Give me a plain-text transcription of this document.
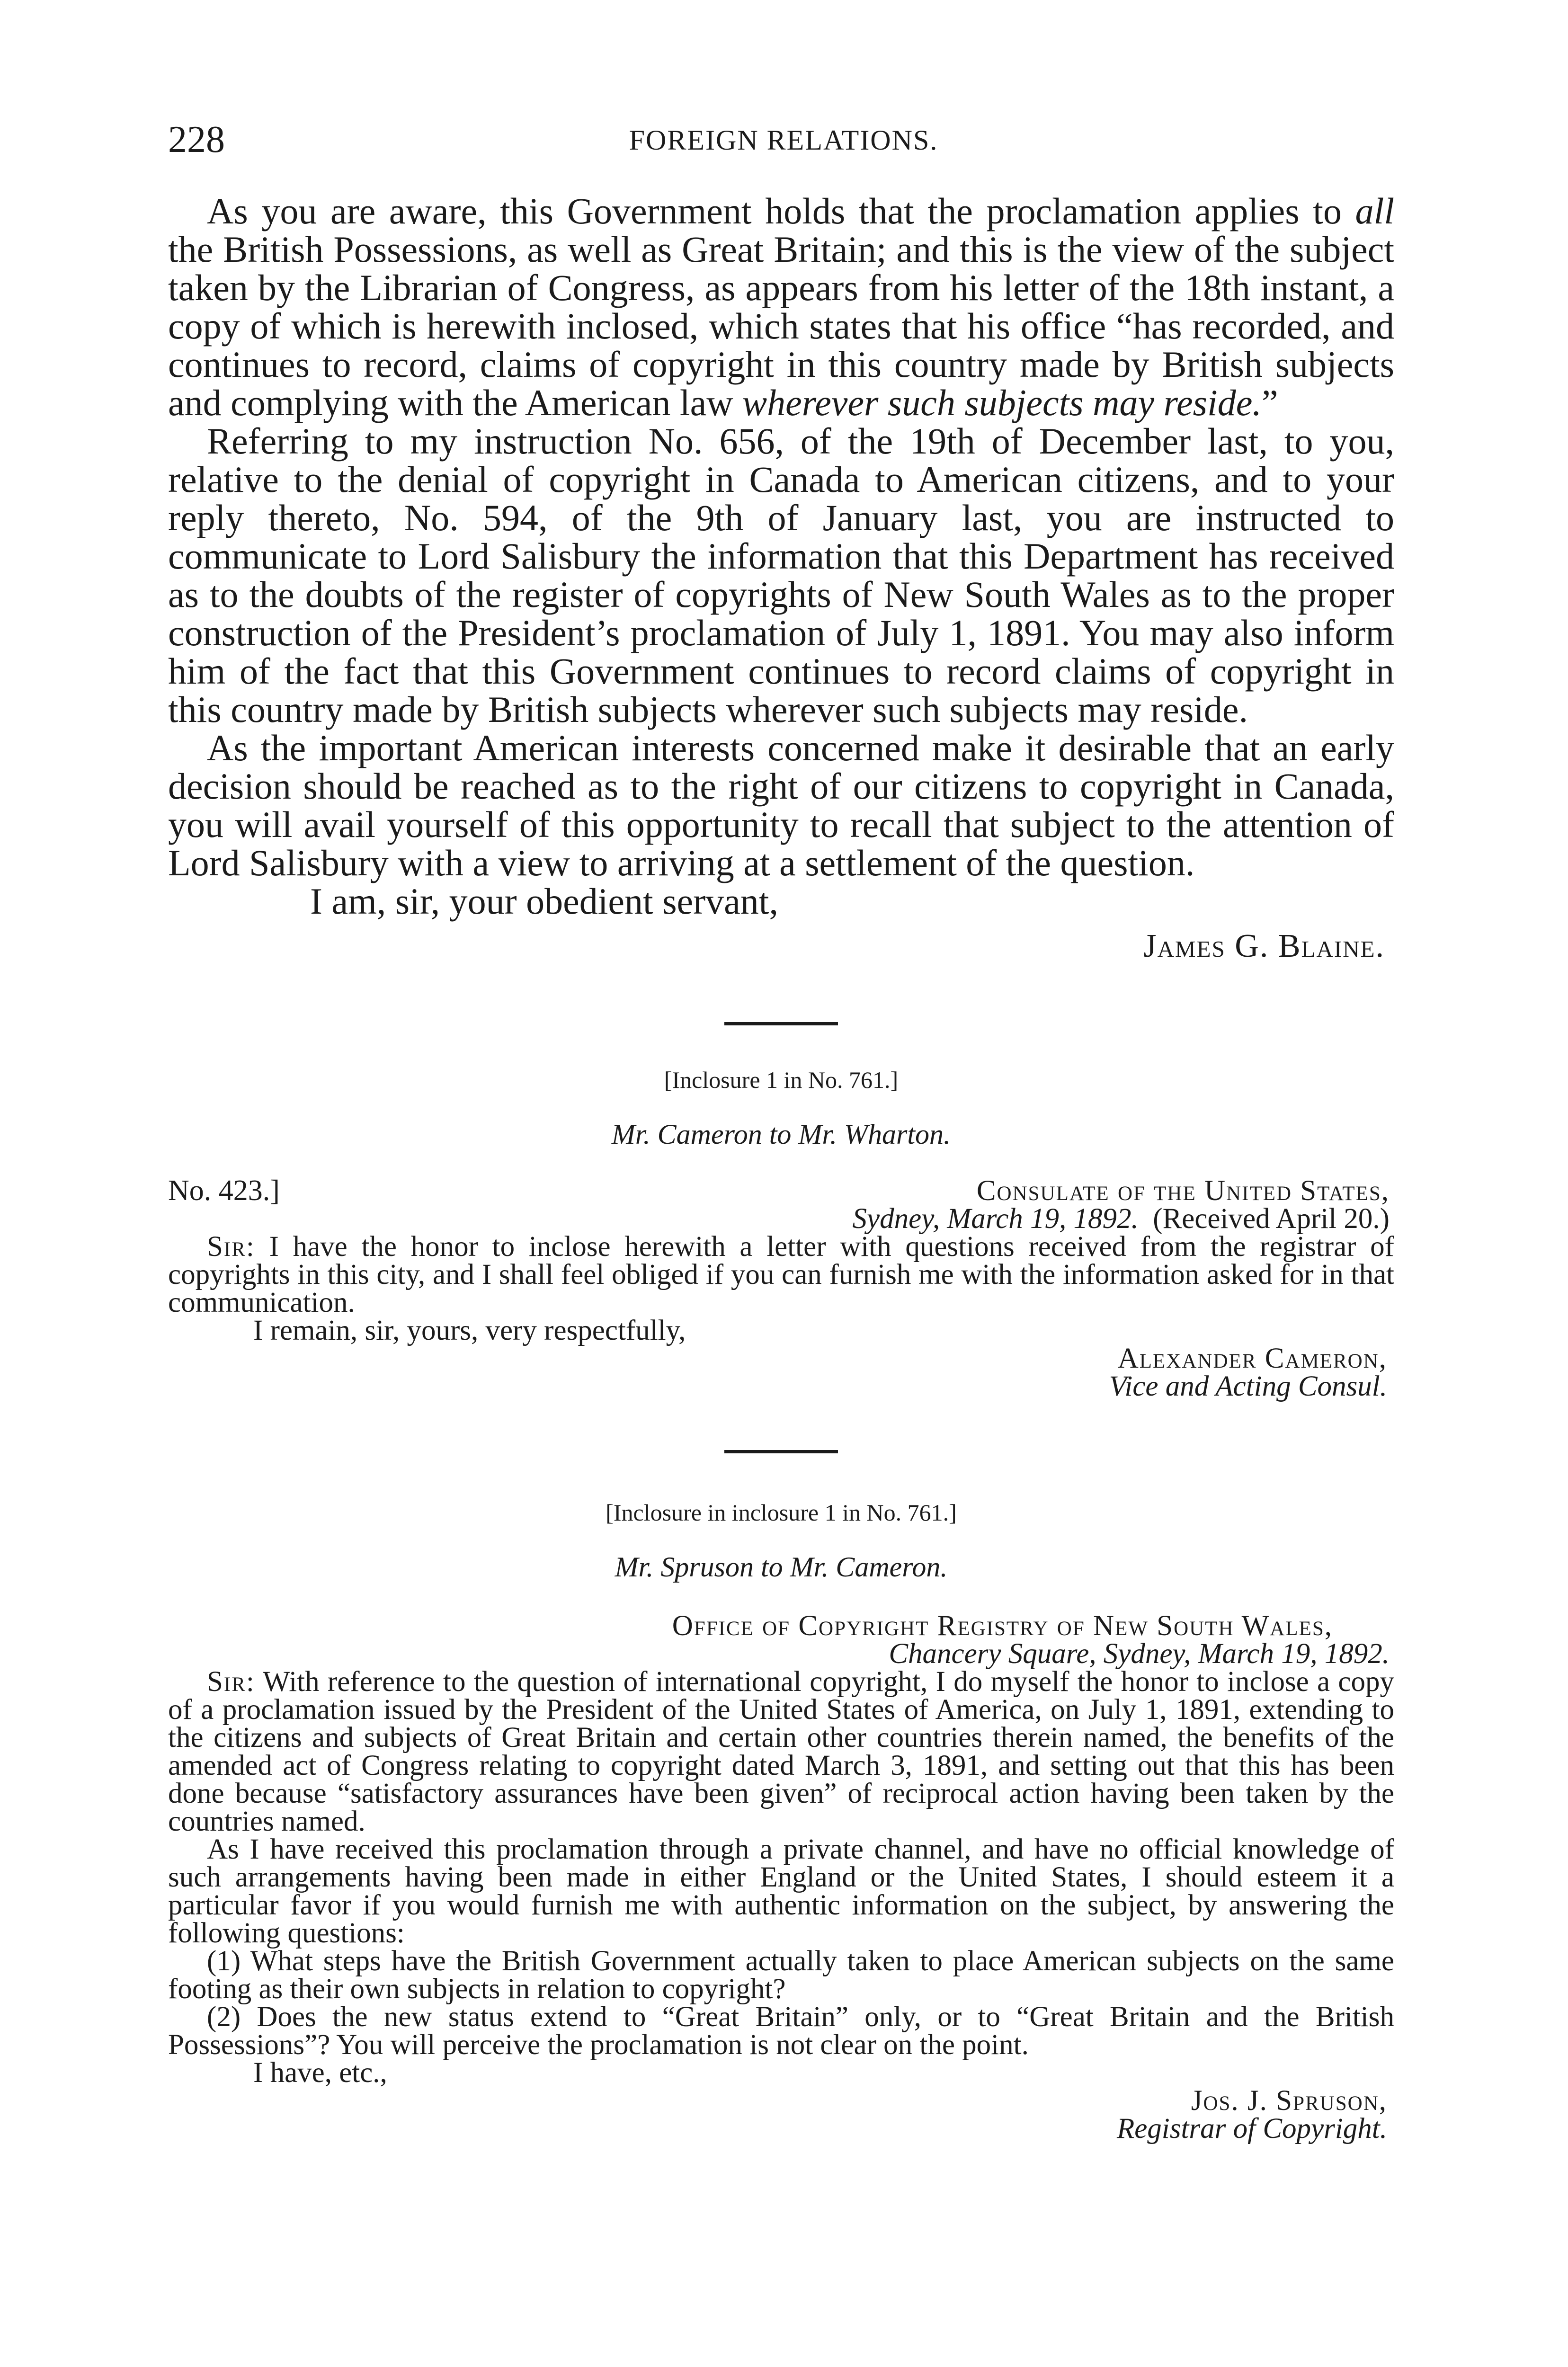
228	FOREIGN RELATIONS.

As you are aware, this Government holds that the proclamation applies to all the British Possessions, as well as Great Britain; and this is the view of the subject taken by the Librarian of Congress, as appears from his letter of the 18th instant, a copy of which is herewith inclosed, which states that his office “has recorded, and continues to record, claims of copyright in this country made by British subjects and complying with the American law wherever such subjects may reside.”

Referring to my instruction No. 656, of the 19th of December last, to you, relative to the denial of copyright in Canada to American citizens, and to your reply thereto, No. 594, of the 9th of January last, you are instructed to communicate to Lord Salisbury the information that this Department has received as to the doubts of the register of copyrights of New South Wales as to the proper construction of the President’s proclamation of July 1, 1891. You may also inform him of the fact that this Government continues to record claims of copyright in this country made by British subjects wherever such subjects may reside.

As the important American interests concerned make it desirable that an early decision should be reached as to the right of our citizens to copyright in Canada, you will avail yourself of this opportunity to recall that subject to the attention of Lord Salisbury with a view to arriving at a settlement of the question.

I am, sir, your obedient servant,

James G. Blaine.
[Inclosure 1 in No. 761.]
Mr. Cameron to Mr. Wharton.
No. 423.]	Consulate of the United States,
Sydney, March 19, 1892. (Received April 20.)

Sir: I have the honor to inclose herewith a letter with questions received from the registrar of copyrights in this city, and I shall feel obliged if you can furnish me with the information asked for in that communication.

I remain, sir, yours, very respectfully,

Alexander Cameron,
Vice and Acting Consul.
[Inclosure in inclosure 1 in No. 761.]
Mr. Spruson to Mr. Cameron.
Office of Copyright Registry of New South Wales,
Chancery Square, Sydney, March 19, 1892.

Sir: With reference to the question of international copyright, I do myself the honor to inclose a copy of a proclamation issued by the President of the United States of America, on July 1, 1891, extending to the citizens and subjects of Great Britain and certain other countries therein named, the benefits of the amended act of Congress relating to copyright dated March 3, 1891, and setting out that this has been done because “satisfactory assurances have been given” of reciprocal action having been taken by the countries named.

As I have received this proclamation through a private channel, and have no official knowledge of such arrangements having been made in either England or the United States, I should esteem it a particular favor if you would furnish me with authentic information on the subject, by answering the following questions:

(1) What steps have the British Government actually taken to place American subjects on the same footing as their own subjects in relation to copyright?

(2) Does the new status extend to “Great Britain” only, or to “Great Britain and the British Possessions”? You will perceive the proclamation is not clear on the point.

I have, etc.,

Jos. J. Spruson,
Registrar of Copyright.
